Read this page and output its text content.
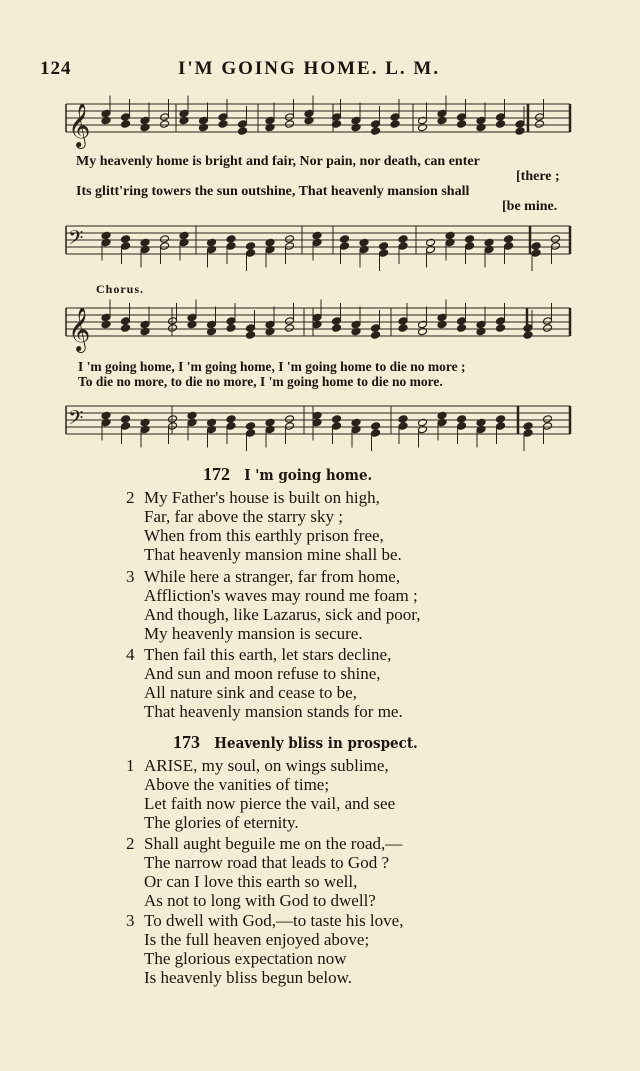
124	I'M GOING HOME. L. M.
𝄞
𝄢
𝄞
𝄢
My heavenly home is bright and fair, Nor pain, nor death, can enter
[there ;
Its glitt'ring towers the sun outshine, That heavenly mansion shall
[be mine.
Chorus.
I 'm going home, I 'm going home, I 'm going home to die no more ;
To die no more, to die no more, I 'm going home to die no more.
172 I 'm going home.
2 My Father's house is built on high,
Far, far above the starry sky ;
When from this earthly prison free,
That heavenly mansion mine shall be.
3 While here a stranger, far from home,
Affliction's waves may round me foam ;
And though, like Lazarus, sick and poor,
My heavenly mansion is secure.
4 Then fail this earth, let stars decline,
And sun and moon refuse to shine,
All nature sink and cease to be,
That heavenly mansion stands for me.
173 Heavenly bliss in prospect.
1 ARISE, my soul, on wings sublime,
Above the vanities of time;
Let faith now pierce the vail, and see
The glories of eternity.
2 Shall aught beguile me on the road,—
The narrow road that leads to God ?
Or can I love this earth so well,
As not to long with God to dwell?
3 To dwell with God,—to taste his love,
Is the full heaven enjoyed above;
The glorious expectation now
Is heavenly bliss begun below.
